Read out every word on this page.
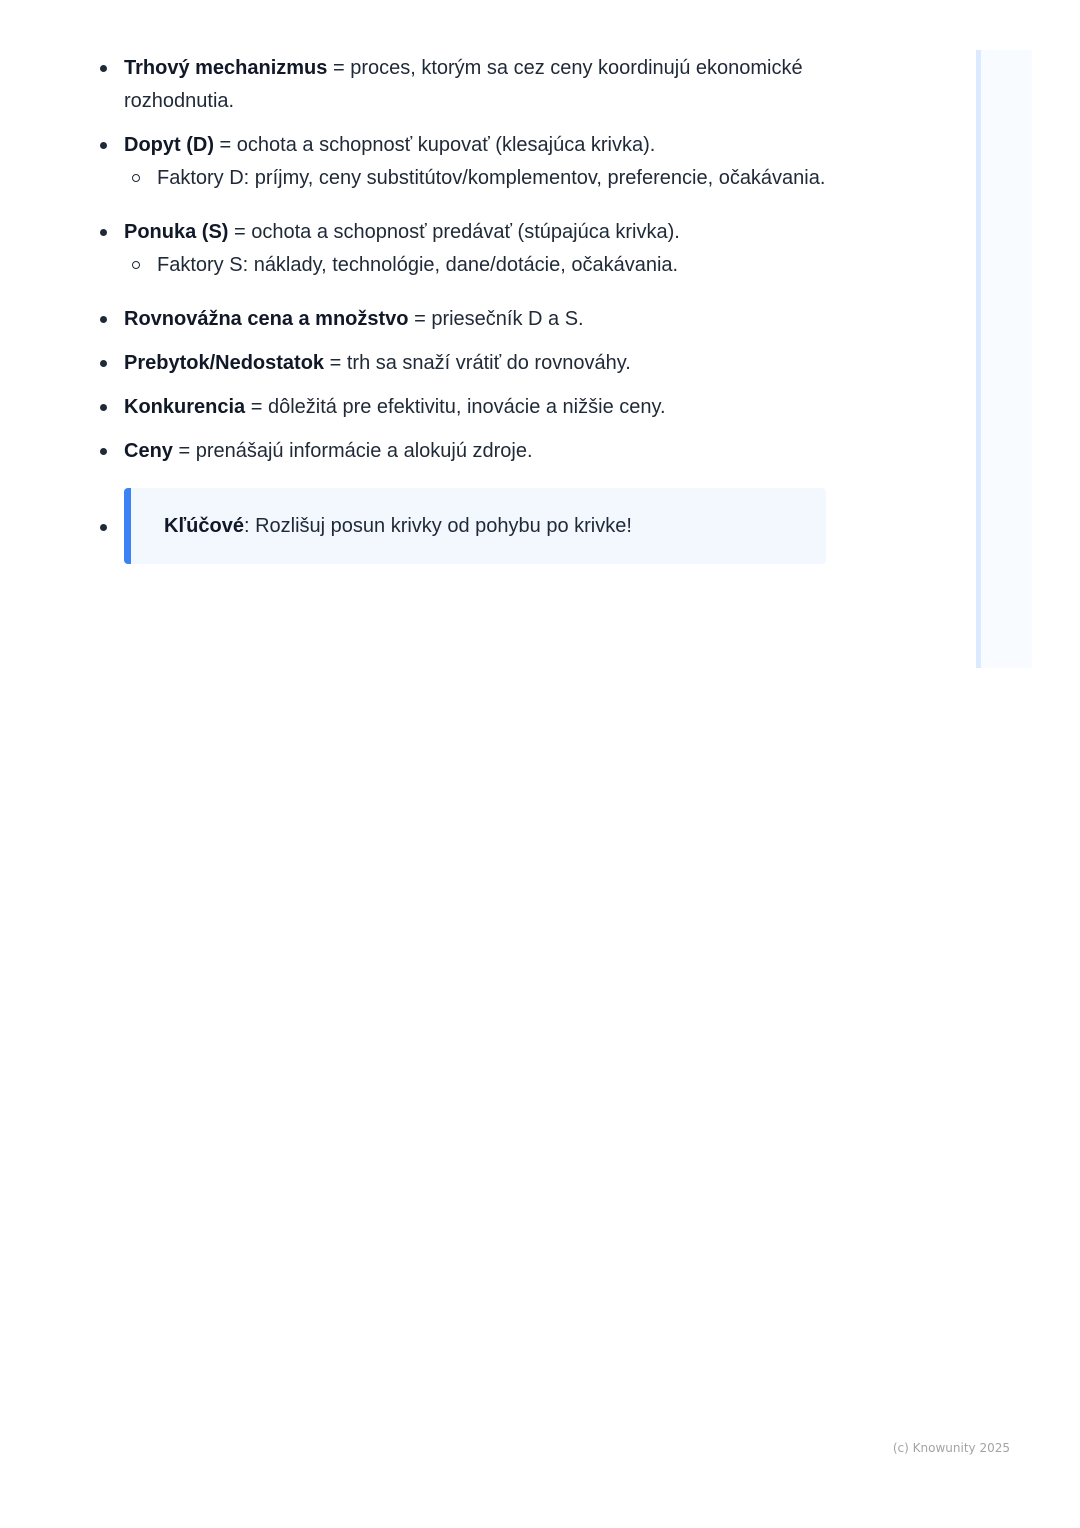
Trhový mechanizmus = proces, ktorým sa cez ceny koordinujú ekonomické rozhodnutia.
Dopyt (D) = ochota a schopnosť kupovať (klesajúca krivka).
Faktory D: príjmy, ceny substitútov/komplementov, preferencie, očakávania.
Ponuka (S) = ochota a schopnosť predávať (stúpajúca krivka).
Faktory S: náklady, technológie, dane/dotácie, očakávania.
Rovnovážna cena a množstvo = priesečník D a S.
Prebytok/Nedostatok = trh sa snaží vrátiť do rovnováhy.
Konkurencia = dôležitá pre efektivitu, inovácie a nižšie ceny.
Ceny = prenášajú informácie a alokujú zdroje.
Kľúčové: Rozlišuj posun krivky od pohybu po krivke!
(c) Knowunity 2025
